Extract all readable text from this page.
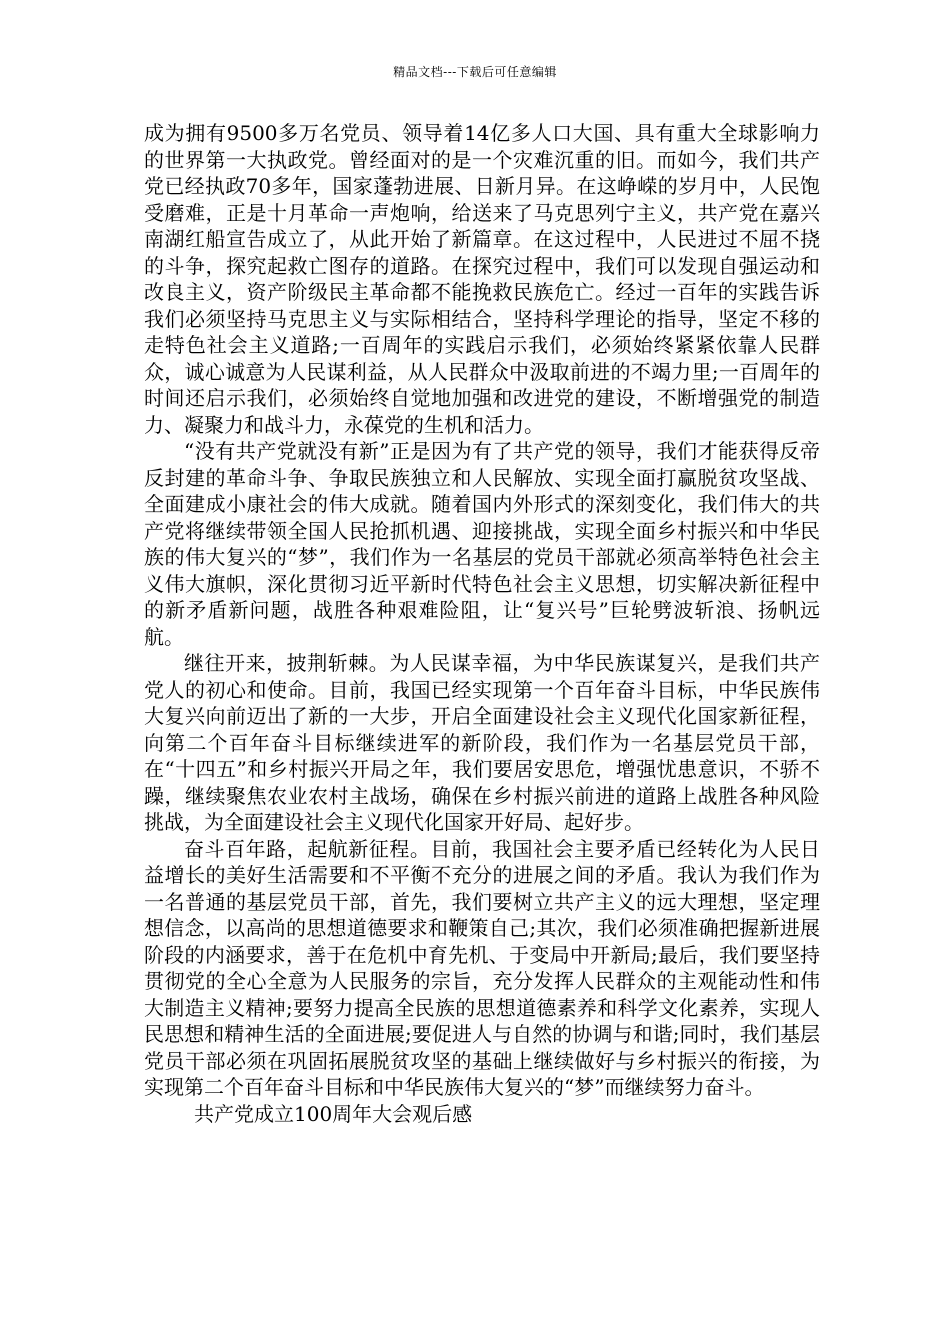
精品文档---下载后可任意编辑

成为拥有9500多万名党员、领导着14亿多人口大国、具有重大全球影响力的世界第一大执政党。曾经面对的是一个灾难沉重的旧。而如今，我们共产党已经执政70多年，国家蓬勃进展、日新月异。在这峥嵘的岁月中，人民饱受磨难，正是十月革命一声炮响，给送来了马克思列宁主义，共产党在嘉兴南湖红船宣告成立了，从此开始了新篇章。在这过程中，人民进过不屈不挠的斗争，探究起救亡图存的道路。在探究过程中，我们可以发现自强运动和改良主义，资产阶级民主革命都不能挽救民族危亡。经过一百年的实践告诉我们必须坚持马克思主义与实际相结合，坚持科学理论的指导，坚定不移的走特色社会主义道路;一百周年的实践启示我们，必须始终紧紧依靠人民群众，诚心诚意为人民谋利益，从人民群众中汲取前进的不竭力里;一百周年的时间还启示我们，必须始终自觉地加强和改进党的建设，不断增强党的制造力、凝聚力和战斗力，永葆党的生机和活力。

“没有共产党就没有新”正是因为有了共产党的领导，我们才能获得反帝反封建的革命斗争、争取民族独立和人民解放、实现全面打赢脱贫攻坚战、全面建成小康社会的伟大成就。随着国内外形式的深刻变化，我们伟大的共产党将继续带领全国人民抢抓机遇、迎接挑战，实现全面乡村振兴和中华民族的伟大复兴的“梦”，我们作为一名基层的党员干部就必须高举特色社会主义伟大旗帜，深化贯彻习近平新时代特色社会主义思想，切实解决新征程中的新矛盾新问题，战胜各种艰难险阻，让“复兴号”巨轮劈波斩浪、扬帆远航。

继往开来，披荆斩棘。为人民谋幸福，为中华民族谋复兴，是我们共产党人的初心和使命。目前，我国已经实现第一个百年奋斗目标，中华民族伟大复兴向前迈出了新的一大步，开启全面建设社会主义现代化国家新征程，向第二个百年奋斗目标继续进军的新阶段，我们作为一名基层党员干部，在“十四五”和乡村振兴开局之年，我们要居安思危，增强忧患意识，不骄不躁，继续聚焦农业农村主战场，确保在乡村振兴前进的道路上战胜各种风险挑战，为全面建设社会主义现代化国家开好局、起好步。

奋斗百年路，起航新征程。目前，我国社会主要矛盾已经转化为人民日益增长的美好生活需要和不平衡不充分的进展之间的矛盾。我认为我们作为一名普通的基层党员干部，首先，我们要树立共产主义的远大理想，坚定理想信念，以高尚的思想道德要求和鞭策自己;其次，我们必须准确把握新进展阶段的内涵要求，善于在危机中育先机、于变局中开新局;最后，我们要坚持贯彻党的全心全意为人民服务的宗旨，充分发挥人民群众的主观能动性和伟大制造主义精神;要努力提高全民族的思想道德素养和科学文化素养，实现人民思想和精神生活的全面进展;要促进人与自然的协调与和谐;同时，我们基层党员干部必须在巩固拓展脱贫攻坚的基础上继续做好与乡村振兴的衔接，为实现第二个百年奋斗目标和中华民族伟大复兴的“梦”而继续努力奋斗。

共产党成立100周年大会观后感
